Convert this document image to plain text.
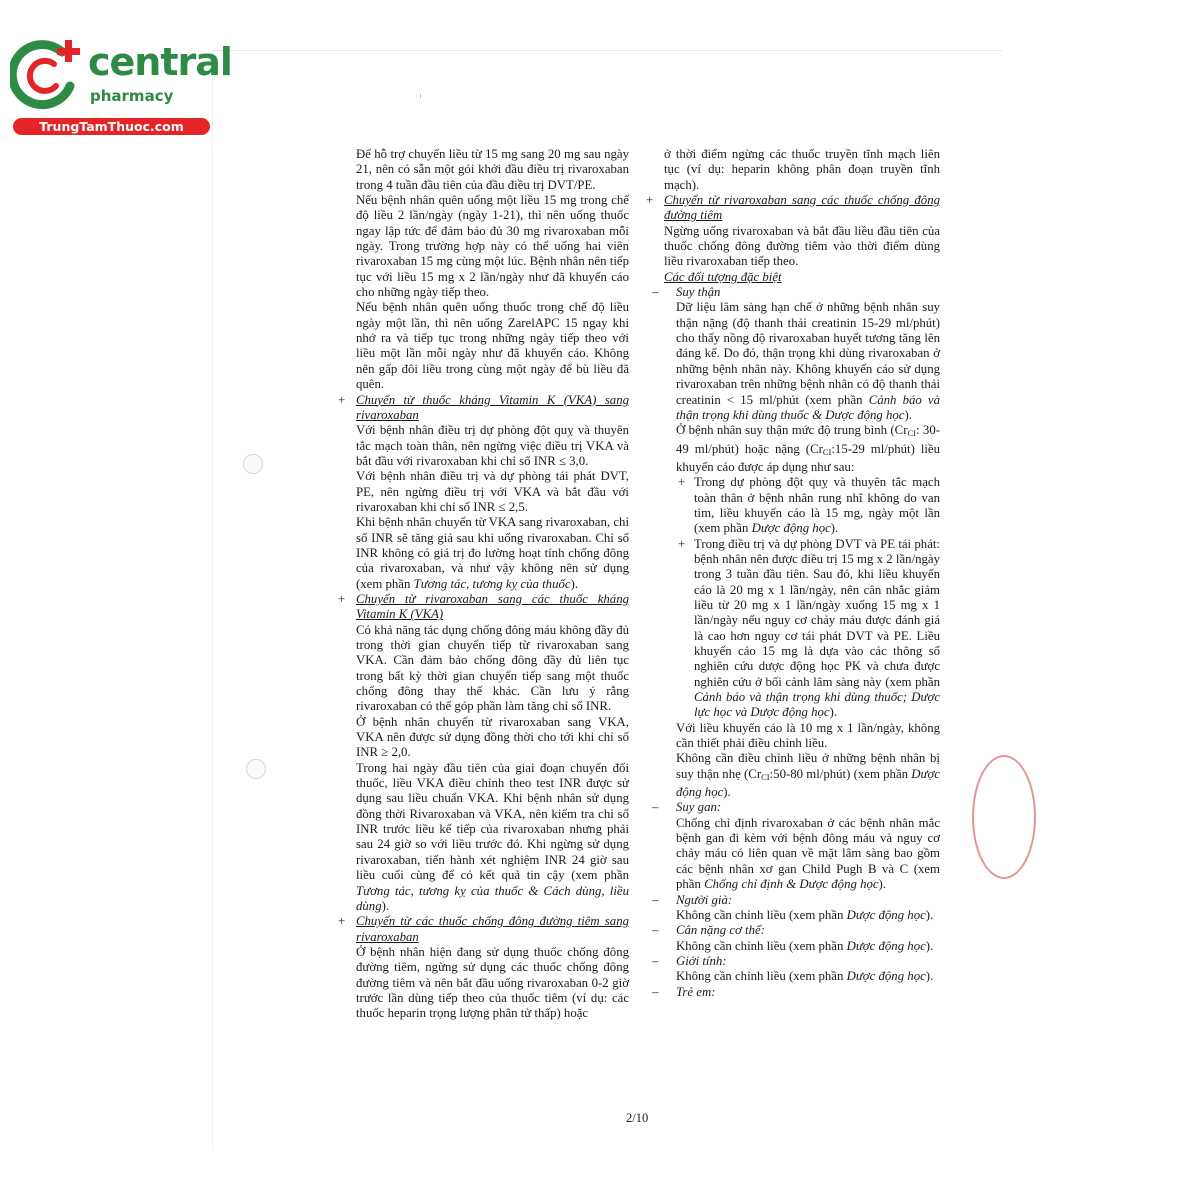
central
pharmacy
TrungTamThuoc.com
Để hỗ trợ chuyển liều từ 15 mg sang 20 mg sau ngày 21, nên có sẵn một gói khởi đầu điều trị rivaroxaban trong 4 tuần đầu tiên của đầu điều trị DVT/PE.
Nếu bệnh nhân quên uống một liều 15 mg trong chế độ liều 2 lần/ngày (ngày 1-21), thì nên uống thuốc ngay lập tức để đảm bảo đủ 30 mg rivaroxaban mỗi ngày. Trong trường hợp này có thể uống hai viên rivaroxaban 15 mg cùng một lúc. Bệnh nhân nên tiếp tục với liều 15 mg x 2 lần/ngày như đã khuyến cáo cho những ngày tiếp theo.
Nếu bệnh nhân quên uống thuốc trong chế độ liều ngày một lần, thì nên uống ZarelAPC 15 ngay khi nhớ ra và tiếp tục trong những ngày tiếp theo với liều một lần mỗi ngày như đã khuyến cáo. Không nên gấp đôi liều trong cùng một ngày để bù liều đã quên.
+ Chuyển từ thuốc kháng Vitamin K (VKA) sang rivaroxaban
Với bệnh nhân điều trị dự phòng đột quỵ và thuyên tắc mạch toàn thân, nên ngừng việc điều trị VKA và bắt đầu với rivaroxaban khi chỉ số INR ≤ 3,0.
Với bệnh nhân điều trị và dự phòng tái phát DVT, PE, nên ngừng điều trị với VKA và bắt đầu với rivaroxaban khi chỉ số INR ≤ 2,5.
Khi bệnh nhân chuyển từ VKA sang rivaroxaban, chỉ số INR sẽ tăng giả sau khi uống rivaroxaban. Chỉ số INR không có giá trị đo lường hoạt tính chống đông của rivaroxaban, và như vậy không nên sử dụng (xem phần Tương tác, tương kỵ của thuốc).
+ Chuyển từ rivaroxaban sang các thuốc kháng Vitamin K (VKA)
Có khả năng tác dụng chống đông máu không đầy đủ trong thời gian chuyển tiếp từ rivaroxaban sang VKA. Cần đảm bảo chống đông đầy đủ liên tục trong bất kỳ thời gian chuyển tiếp sang một thuốc chống đông thay thế khác. Cần lưu ý rằng rivaroxaban có thể góp phần làm tăng chỉ số INR.
Ở bệnh nhân chuyển từ rivaroxaban sang VKA, VKA nên được sử dụng đồng thời cho tới khi chỉ số INR ≥ 2,0.
Trong hai ngày đầu tiên của giai đoạn chuyển đổi thuốc, liều VKA điều chỉnh theo test INR được sử dụng sau liều chuẩn VKA. Khi bệnh nhân sử dụng đồng thời Rivaroxaban và VKA, nên kiểm tra chỉ số INR trước liều kế tiếp của rivaroxaban nhưng phải sau 24 giờ so với liều trước đó. Khi ngừng sử dụng rivaroxaban, tiến hành xét nghiệm INR 24 giờ sau liều cuối cùng để có kết quả tin cậy (xem phần Tương tác, tương kỵ của thuốc & Cách dùng, liều dùng).
+ Chuyển từ các thuốc chống đông đường tiêm sang rivaroxaban
Ở bệnh nhân hiện đang sử dụng thuốc chống đông đường tiêm, ngừng sử dụng các thuốc chống đông đường tiêm và nên bắt đầu uống rivaroxaban 0-2 giờ trước lần dùng tiếp theo của thuốc tiêm (ví dụ: các thuốc heparin trọng lượng phân tử thấp) hoặc
ở thời điểm ngừng các thuốc truyền tĩnh mạch liên tục (ví dụ: heparin không phân đoạn truyền tĩnh mạch).
+ Chuyển từ rivaroxaban sang các thuốc chống đông đường tiêm
Ngừng uống rivaroxaban và bắt đầu liều đầu tiên của thuốc chống đông đường tiêm vào thời điểm dùng liều rivaroxaban tiếp theo.
Các đối tượng đặc biệt
– Suy thận
Dữ liệu lâm sàng hạn chế ở những bệnh nhân suy thận nặng (độ thanh thải creatinin 15-29 ml/phút) cho thấy nồng độ rivaroxaban huyết tương tăng lên đáng kể. Do đó, thận trọng khi dùng rivaroxaban ở những bệnh nhân này. Không khuyến cáo sử dụng rivaroxaban trên những bệnh nhân có độ thanh thải creatinin < 15 ml/phút (xem phần Cảnh báo và thận trọng khi dùng thuốc & Dược động học).
Ở bệnh nhân suy thận mức độ trung bình ($Cr_{CI}$: 30-49 ml/phút) hoặc nặng ($Cr_{CI}:15-29$ ml/phút) liều khuyến cáo được áp dụng như sau:
+ Trong dự phòng đột quỵ và thuyên tắc mạch toàn thân ở bệnh nhân rung nhĩ không do van tim, liều khuyến cáo là 15 mg, ngày một lần (xem phần Dược động học).
+ Trong điều trị và dự phòng DVT và PE tái phát: bệnh nhân nên được điều trị 15 mg x 2 lần/ngày trong 3 tuần đầu tiên. Sau đó, khi liều khuyến cáo là 20 mg x 1 lần/ngày, nên cân nhắc giảm liều từ 20 mg x 1 lần/ngày xuống 15 mg x 1 lần/ngày nếu nguy cơ chảy máu được đánh giá là cao hơn nguy cơ tái phát DVT và PE. Liều khuyến cáo 15 mg là dựa vào các thông số nghiên cứu dược động học PK và chưa được nghiên cứu ở bối cảnh lâm sàng này (xem phần Cảnh báo và thận trọng khi dùng thuốc; Dược lực học và Dược động học).
Với liều khuyến cáo là 10 mg x 1 lần/ngày, không cần thiết phải điều chỉnh liều.
Không cần điều chỉnh liều ở những bệnh nhân bị suy thận nhẹ ($Cr_{CI}:50-80$ ml/phút) (xem phần Dược động học).
– Suy gan:
Chống chỉ định rivaroxaban ở các bệnh nhân mắc bệnh gan đi kèm với bệnh đông máu và nguy cơ chảy máu có liên quan về mặt lâm sàng bao gồm các bệnh nhân xơ gan Child Pugh B và C (xem phần Chống chỉ định & Dược động học).
– Người già:
Không cần chỉnh liều (xem phần Dược động học).
– Cân nặng cơ thể:
Không cần chỉnh liều (xem phần Dược động học).
– Giới tính:
Không cần chỉnh liều (xem phần Dược động học).
– Trẻ em:
2/10
